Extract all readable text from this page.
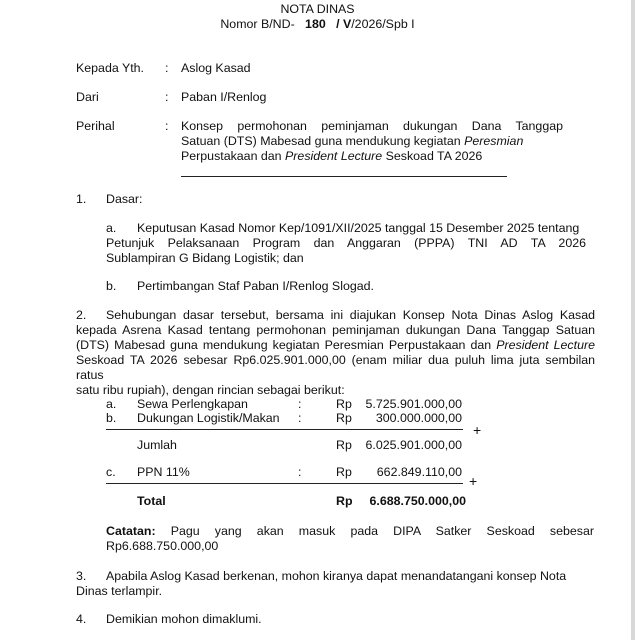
NOTA DINAS
Nomor B/ND- 180 / V/2026/Spb I
Kepada Yth. : Aslog Kasad
Dari	: Paban I/Renlog
Perihal	: Konsep permohonan peminjaman dukungan Dana Tanggap
Satuan (DTS) Mabesad guna mendukung kegiatan Peresmian
Perpustakaan dan President Lecture Seskoad TA 2026
1. Dasar:
a.	Keputusan Kasad Nomor Kep/1091/XII/2025 tanggal 15 Desember 2025 tentang
Petunjuk Pelaksanaan Program dan Anggaran (PPPA) TNI AD TA 2026
Sublampiran G Bidang Logistik; dan
b. Pertimbangan Staf Paban I/Renlog Slogad.
2.	Sehubungan dasar tersebut, bersama ini diajukan Konsep Nota Dinas Aslog Kasad
kepada Asrena Kasad tentang permohonan peminjaman dukungan Dana Tanggap Satuan
(DTS) Mabesad guna mendukung kegiatan Peresmian Perpustakaan dan President Lecture
Seskoad TA 2026 sebesar Rp6.025.901.000,00 (enam miliar dua puluh lima juta sembilan ratus
satu ribu rupiah), dengan rincian sebagai berikut:
a. Sewa Perlengkapan	:	Rp	5.725.901.000,00
b. Dukungan Logistik/Makan :	Rp	300.000.000,00
+
Jumlah	Rp	6.025.901.000,00
c. PPN 11%	:	Rp	662.849.110,00
+
Total	Rp	6.688.750.000,00
Catatan: Pagu yang akan masuk pada DIPA Satker Seskoad sebesar
Rp6.688.750.000,00
3.	Apabila Aslog Kasad berkenan, mohon kiranya dapat menandatangani konsep Nota
Dinas terlampir.
4. Demikian mohon dimaklumi.
